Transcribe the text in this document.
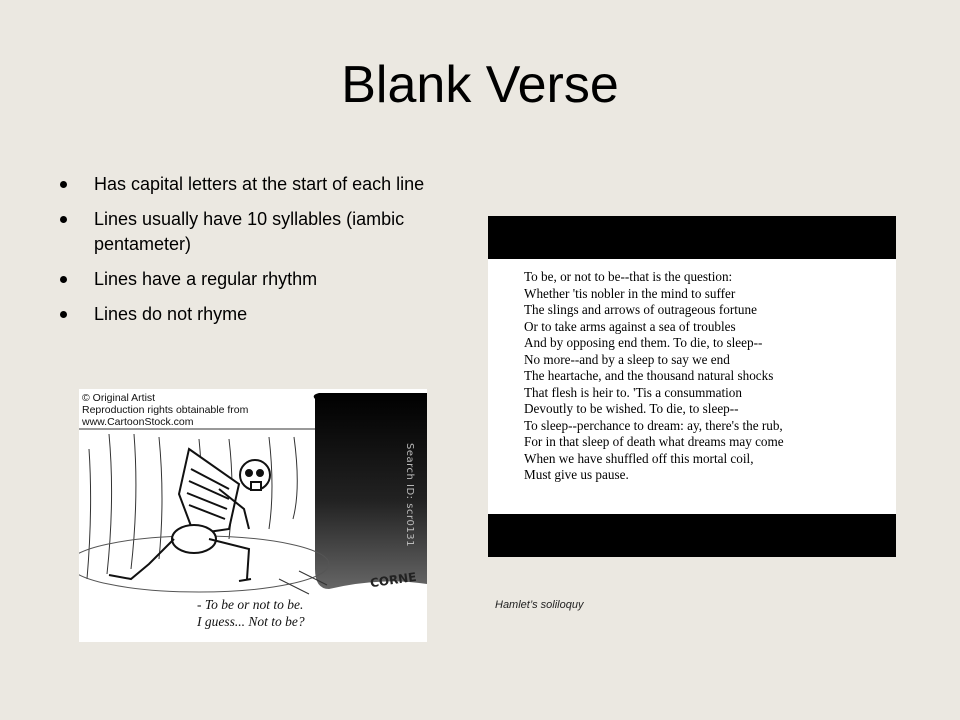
Blank Verse
Has capital letters at the start of each line
Lines usually have 10 syllables (iambic pentameter)
Lines have a regular rhythm
Lines do not rhyme
© Original Artist
Reproduction rights obtainable from
www.CartoonStock.com
Search ID: scr0131
CORNE
- To be or not to be.
I guess... Not to be?
To be, or not to be--that is the question:
Whether 'tis nobler in the mind to suffer
The slings and arrows of outrageous fortune
Or to take arms against a sea of troubles
And by opposing end them. To die, to sleep--
No more--and by a sleep to say we end
The heartache, and the thousand natural shocks
That flesh is heir to. 'Tis a consummation
Devoutly to be wished. To die, to sleep--
To sleep--perchance to dream: ay, there's the rub,
For in that sleep of death what dreams may come
When we have shuffled off this mortal coil,
Must give us pause.
Hamlet’s soliloquy
